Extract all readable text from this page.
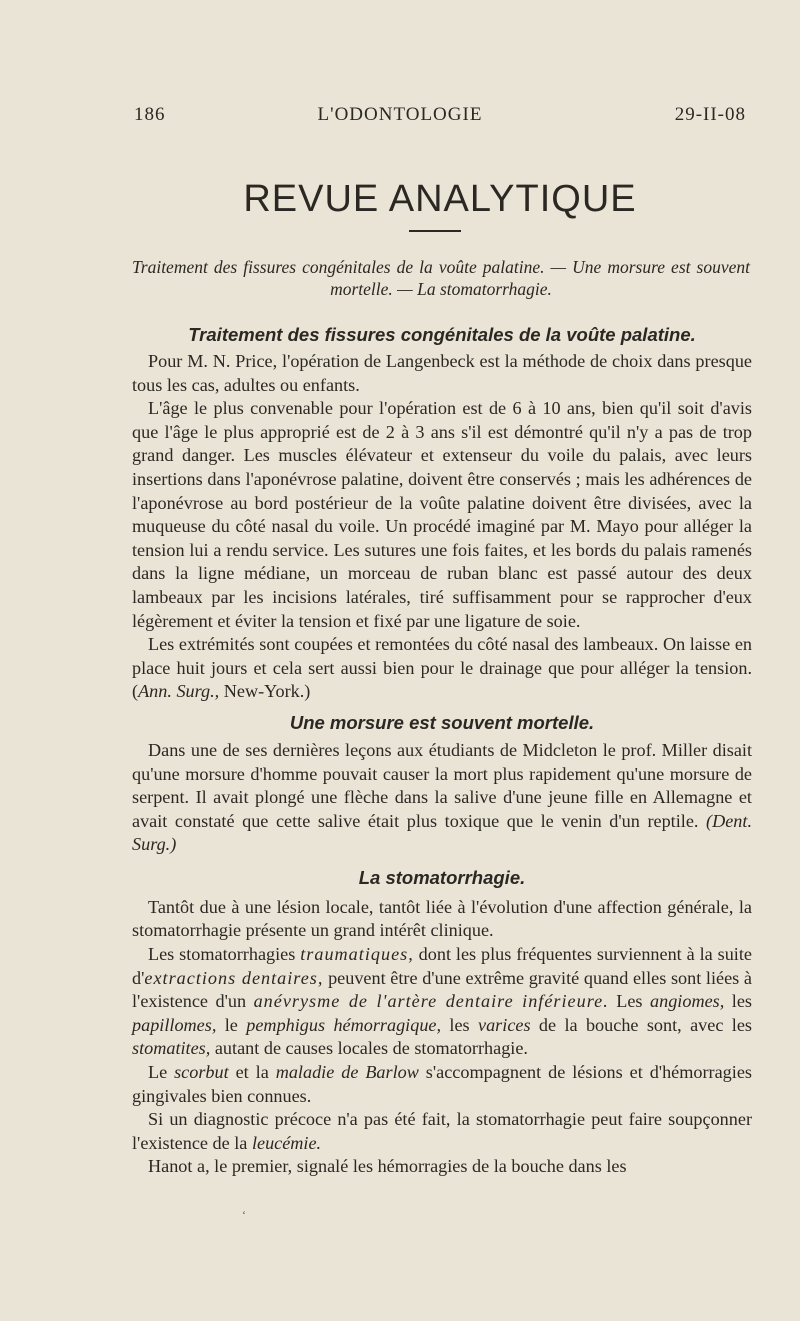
186	L'ODONTOLOGIE	29-II-08
REVUE ANALYTIQUE
Traitement des fissures congénitales de la voûte palatine. — Une morsure est souvent mortelle. — La stomatorrhagie.
Traitement des fissures congénitales de la voûte palatine.

Pour M. N. Price, l'opération de Langenbeck est la méthode de choix dans presque tous les cas, adultes ou enfants.

L'âge le plus convenable pour l'opération est de 6 à 10 ans, bien qu'il soit d'avis que l'âge le plus approprié est de 2 à 3 ans s'il est démontré qu'il n'y a pas de trop grand danger. Les muscles élévateur et extenseur du voile du palais, avec leurs insertions dans l'aponévrose palatine, doivent être conservés ; mais les adhérences de l'aponévrose au bord postérieur de la voûte palatine doivent être divisées, avec la muqueuse du côté nasal du voile. Un procédé imaginé par M. Mayo pour alléger la tension lui a rendu service. Les sutures une fois faites, et les bords du palais ramenés dans la ligne médiane, un morceau de ruban blanc est passé autour des deux lambeaux par les incisions latérales, tiré suffisamment pour se rapprocher d'eux légèrement et éviter la tension et fixé par une ligature de soie.

Les extrémités sont coupées et remontées du côté nasal des lambeaux. On laisse en place huit jours et cela sert aussi bien pour le drainage que pour alléger la tension. (Ann. Surg., New-York.)

Une morsure est souvent mortelle.

Dans une de ses dernières leçons aux étudiants de Midcleton le prof. Miller disait qu'une morsure d'homme pouvait causer la mort plus rapidement qu'une morsure de serpent. Il avait plongé une flèche dans la salive d'une jeune fille en Allemagne et avait constaté que cette salive était plus toxique que le venin d'un reptile. (Dent. Surg.)

La stomatorrhagie.

Tantôt due à une lésion locale, tantôt liée à l'évolution d'une affection générale, la stomatorrhagie présente un grand intérêt clinique.

Les stomatorrhagies traumatiques, dont les plus fréquentes surviennent à la suite d'extractions dentaires, peuvent être d'une extrême gravité quand elles sont liées à l'existence d'un anévrysme de l'artère dentaire inférieure. Les angiomes, les papillomes, le pemphigus hémorragique, les varices de la bouche sont, avec les stomatites, autant de causes locales de stomatorrhagie.

Le scorbut et la maladie de Barlow s'accompagnent de lésions et d'hémorragies gingivales bien connues.

Si un diagnostic précoce n'a pas été fait, la stomatorrhagie peut faire soupçonner l'existence de la leucémie.

Hanot a, le premier, signalé les hémorragies de la bouche dans les

‘
